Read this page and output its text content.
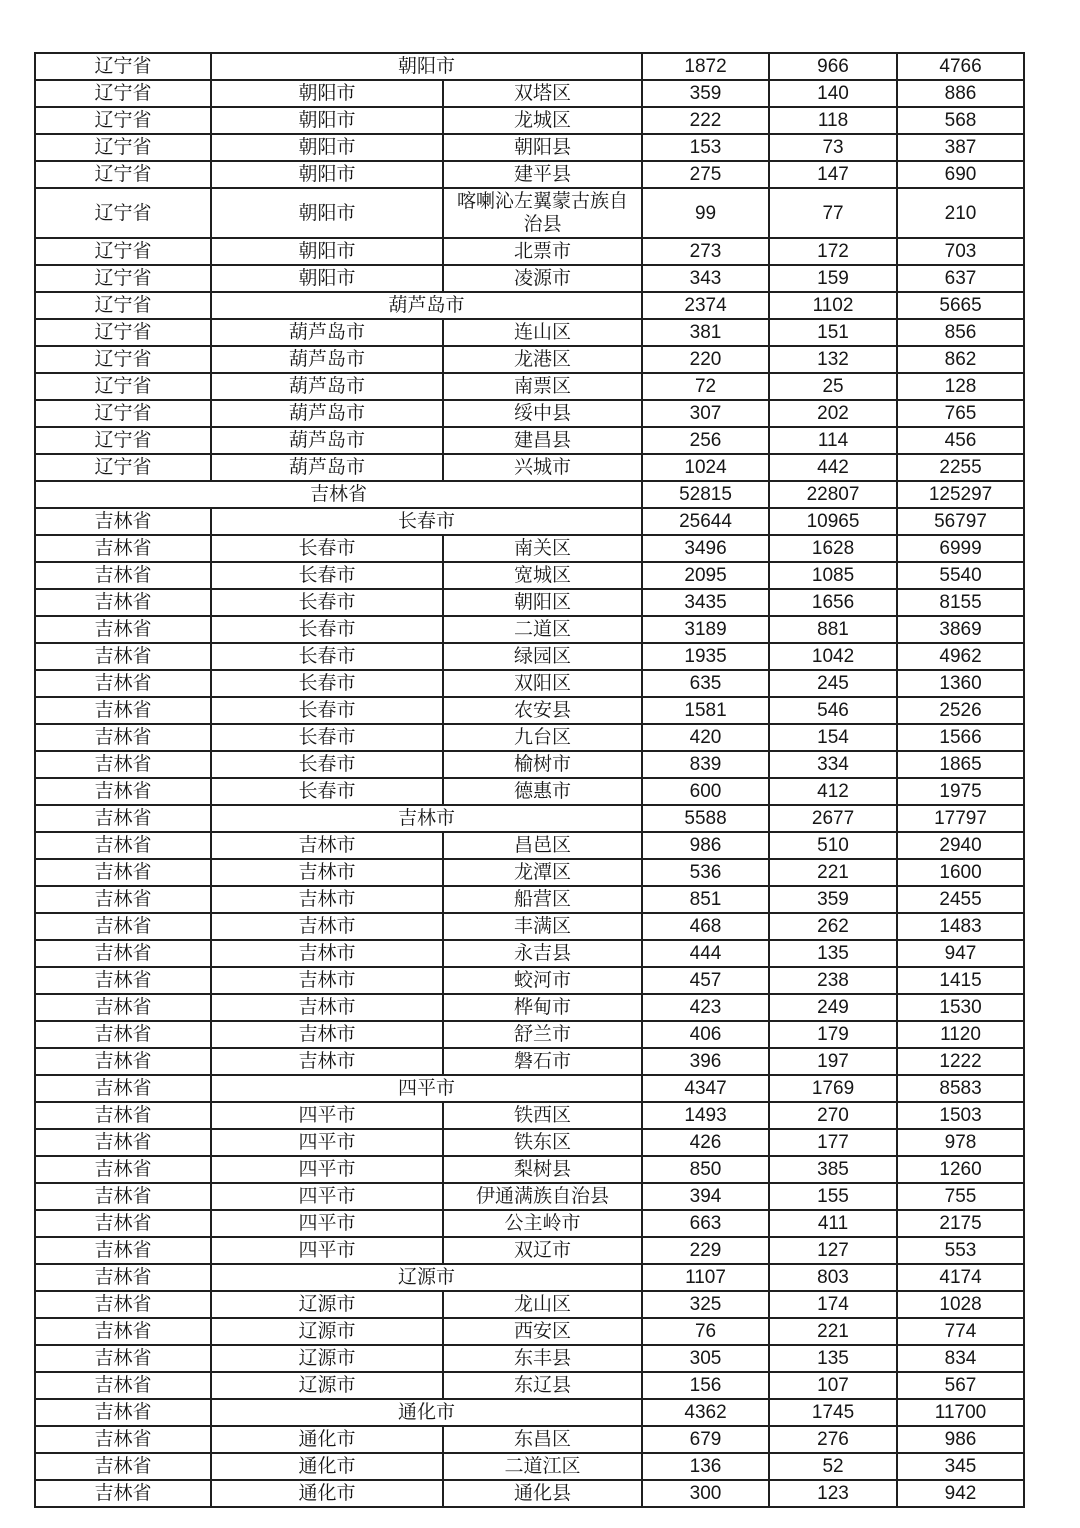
辽宁省	朝阳市		1872	966	4766
辽宁省	朝阳市	双塔区	359	140	886
辽宁省	朝阳市	龙城区	222	118	568
辽宁省	朝阳市	朝阳县	153	73	387
辽宁省	朝阳市	建平县	275	147	690
辽宁省	朝阳市	喀喇沁左翼蒙古族自治县	99	77	210
辽宁省	朝阳市	北票市	273	172	703
辽宁省	朝阳市	凌源市	343	159	637
辽宁省	葫芦岛市		2374	1102	5665
辽宁省	葫芦岛市	连山区	381	151	856
辽宁省	葫芦岛市	龙港区	220	132	862
辽宁省	葫芦岛市	南票区	72	25	128
辽宁省	葫芦岛市	绥中县	307	202	765
辽宁省	葫芦岛市	建昌县	256	114	456
辽宁省	葫芦岛市	兴城市	1024	442	2255
吉林省			52815	22807	125297
吉林省	长春市		25644	10965	56797
吉林省	长春市	南关区	3496	1628	6999
吉林省	长春市	宽城区	2095	1085	5540
吉林省	长春市	朝阳区	3435	1656	8155
吉林省	长春市	二道区	3189	881	3869
吉林省	长春市	绿园区	1935	1042	4962
吉林省	长春市	双阳区	635	245	1360
吉林省	长春市	农安县	1581	546	2526
吉林省	长春市	九台区	420	154	1566
吉林省	长春市	榆树市	839	334	1865
吉林省	长春市	德惠市	600	412	1975
吉林省	吉林市		5588	2677	17797
吉林省	吉林市	昌邑区	986	510	2940
吉林省	吉林市	龙潭区	536	221	1600
吉林省	吉林市	船营区	851	359	2455
吉林省	吉林市	丰满区	468	262	1483
吉林省	吉林市	永吉县	444	135	947
吉林省	吉林市	蛟河市	457	238	1415
吉林省	吉林市	桦甸市	423	249	1530
吉林省	吉林市	舒兰市	406	179	1120
吉林省	吉林市	磐石市	396	197	1222
吉林省	四平市		4347	1769	8583
吉林省	四平市	铁西区	1493	270	1503
吉林省	四平市	铁东区	426	177	978
吉林省	四平市	梨树县	850	385	1260
吉林省	四平市	伊通满族自治县	394	155	755
吉林省	四平市	公主岭市	663	411	2175
吉林省	四平市	双辽市	229	127	553
吉林省	辽源市		1107	803	4174
吉林省	辽源市	龙山区	325	174	1028
吉林省	辽源市	西安区	76	221	774
吉林省	辽源市	东丰县	305	135	834
吉林省	辽源市	东辽县	156	107	567
吉林省	通化市		4362	1745	11700
吉林省	通化市	东昌区	679	276	986
吉林省	通化市	二道江区	136	52	345
吉林省	通化市	通化县	300	123	942
